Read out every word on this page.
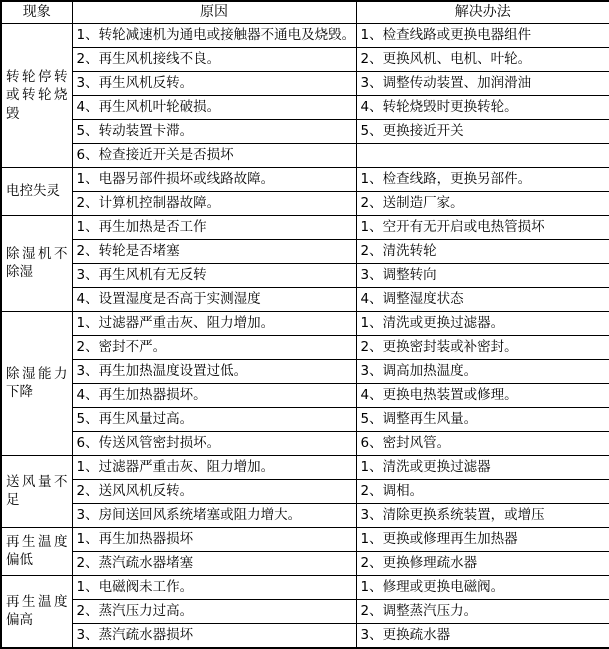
现象	原因	解决办法
转轮停转或转轮烧毁	1、转轮减速机为通电或接触器不通电及烧毁。	1、检查线路或更换电器组件
	2、再生风机接线不良。	2、更换风机、电机、叶轮。
	3、再生风机反转。	3、调整传动装置、加润滑油
	4、再生风机叶轮破损。	4、转轮烧毁时更换转轮。
	5、转动装置卡滞。	5、更换接近开关
	6、检查接近开关是否损坏	
电控失灵	1、电器另部件损坏或线路故障。	1、检查线路，更换另部件。
	2、计算机控制器故障。	2、送制造厂家。
除湿机不除湿	1、再生加热是否工作	1、空开有无开启或电热管损坏
	2、转轮是否堵塞	2、清洗转轮
	3、再生风机有无反转	3、调整转向
	4、设置湿度是否高于实测湿度	4、调整湿度状态
除湿能力下降	1、过滤器严重击灰、阻力增加。	1、清洗或更换过滤器。
	2、密封不严。	2、更换密封装或补密封。
	3、再生加热温度设置过低。	3、调高加热温度。
	4、再生加热器损坏。	4、更换电热装置或修理。
	5、再生风量过高。	5、调整再生风量。
	6、传送风管密封损坏。	6、密封风管。
送风量不足	1、过滤器严重击灰、阻力增加。	1、清洗或更换过滤器
	2、送风风机反转。	2、调相。
	3、房间送回风系统堵塞或阻力增大。	3、清除更换系统装置，或增压
再生温度偏低	1、再生加热器损坏	1、更换或修理再生加热器
	2、蒸汽疏水器堵塞	2、更换修理疏水器
再生温度偏高	1、电磁阀未工作。	1、修理或更换电磁阀。
	2、蒸汽压力过高。	2、调整蒸汽压力。
	3、蒸汽疏水器损坏	3、更换疏水器
